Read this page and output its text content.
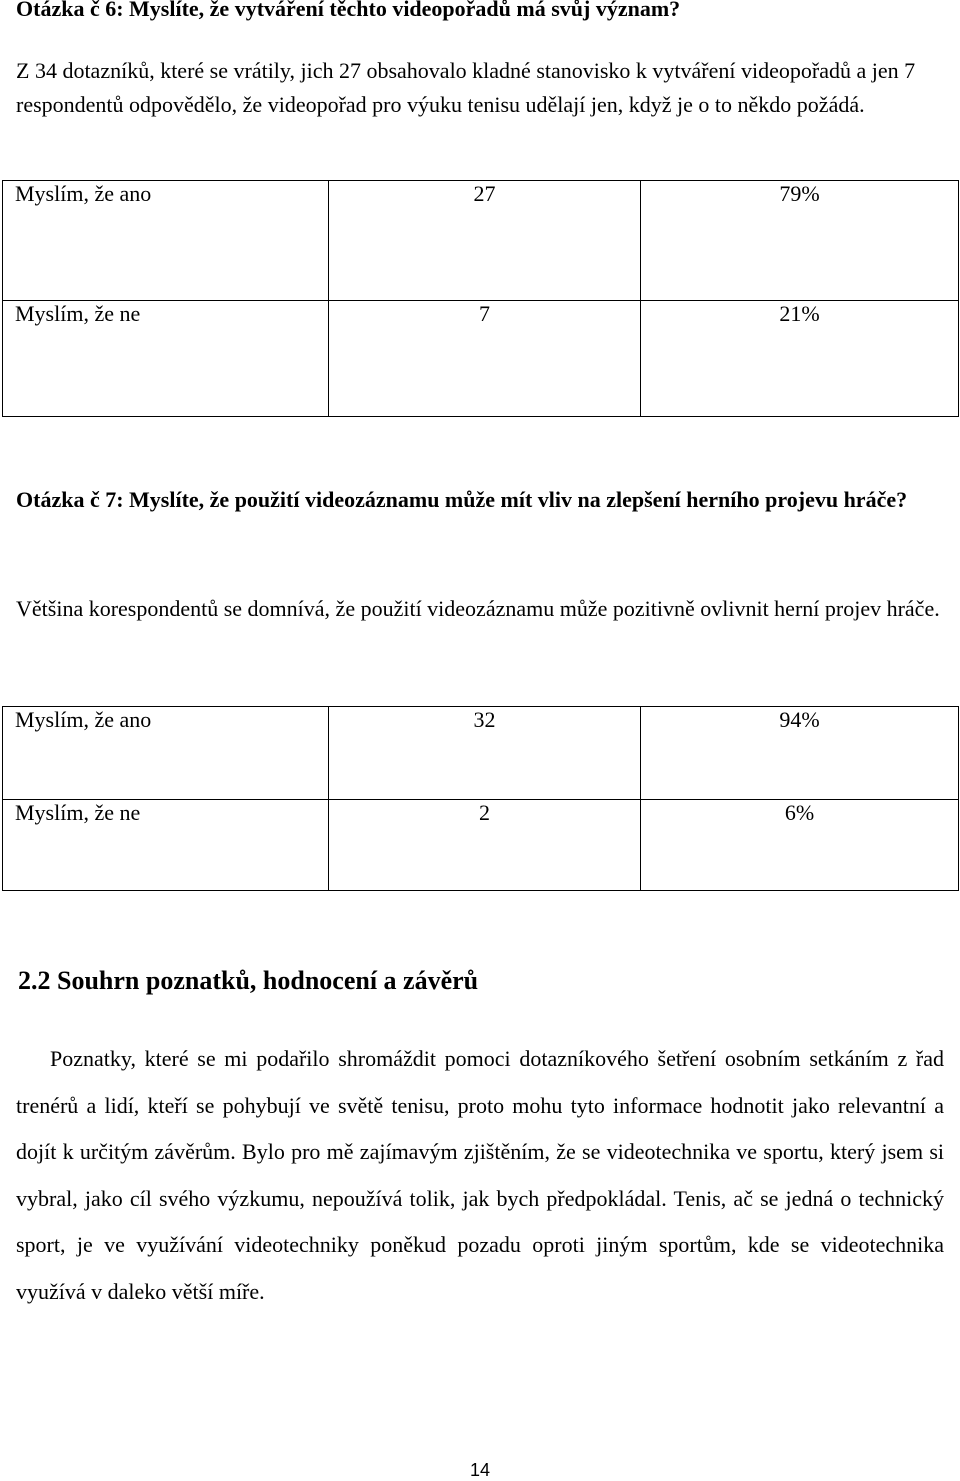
Otázka č 6: Myslíte, že vytváření těchto videopořadů má svůj význam?
Z 34 dotazníků, které se vrátily, jich 27 obsahovalo kladné stanovisko k vytváření videopořadů a jen 7 respondentů odpovědělo, že videopořad pro výuku tenisu udělají jen, když je o to někdo požádá.
Myslím, že ano	27	79%

Myslím, že ne	7	21%
Otázka č 7: Myslíte, že použití videozáznamu může mít vliv na zlepšení herního projevu hráče?
Většina korespondentů se domnívá, že použití videozáznamu může pozitivně ovlivnit herní projev hráče.
Myslím, že ano	32	94%

Myslím, že ne	2	6%
2.2 Souhrn poznatků, hodnocení a závěrů
Poznatky, které se mi podařilo shromáždit pomoci dotazníkového šetření osobním setkáním z řad trenérů a lidí, kteří se pohybují ve světě tenisu, proto mohu tyto informace hodnotit jako relevantní a dojít k určitým závěrům. Bylo pro mě zajímavým zjištěním, že se videotechnika ve sportu, který jsem si vybral, jako cíl svého výzkumu, nepoužívá tolik, jak bych předpokládal. Tenis, ač se jedná o technický sport, je ve využívání videotechniky poněkud pozadu oproti jiným sportům, kde se videotechnika využívá v daleko větší míře.
14
